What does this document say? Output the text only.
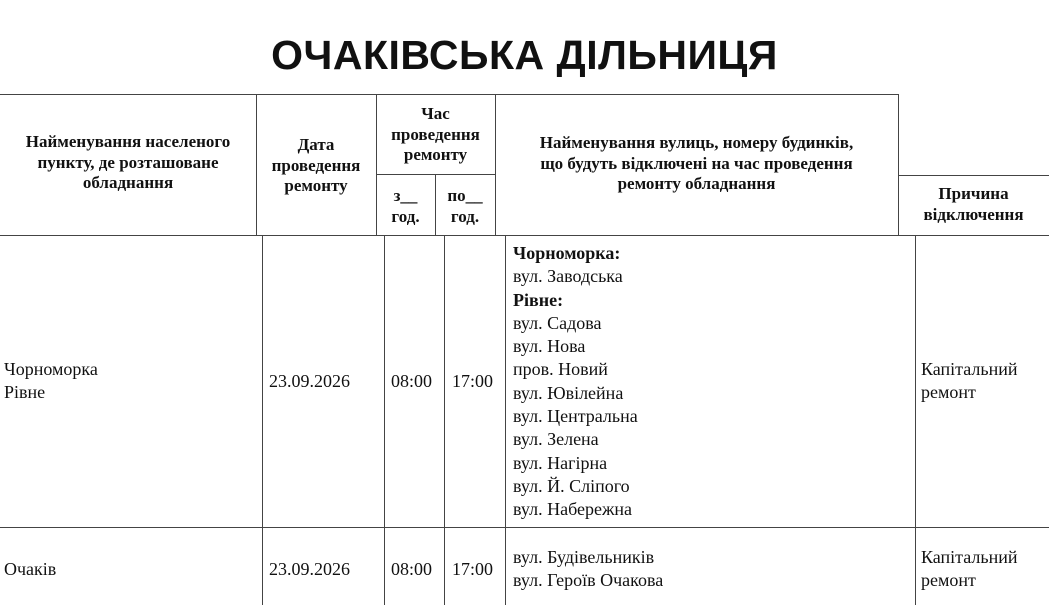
ОЧАКІВСЬКА ДІЛЬНИЦЯ
Найменування населеного
пункту, де розташоване
обладнання
Дата
проведення
ремонту
Час
проведення
ремонту
з__
год.
по__
год.
Найменування вулиць, номеру будинків,
що будуть відключені на час проведення
ремонту обладнання
Причина
відключення
Чорноморка
Рівне
23.09.2026 08:00 17:00
Чорноморка:
вул. Заводська
Рівне:
вул. Садова
вул. Нова
пров. Новий
вул. Ювілейна
вул. Центральна
вул. Зелена
вул. Нагірна
вул. Й. Сліпого
вул. Набережна
Капітальний
ремонт
Очаків	23.09.2026 08:00 17:00
вул. Будівельників
вул. Героїв Очакова
Капітальний
ремонт
